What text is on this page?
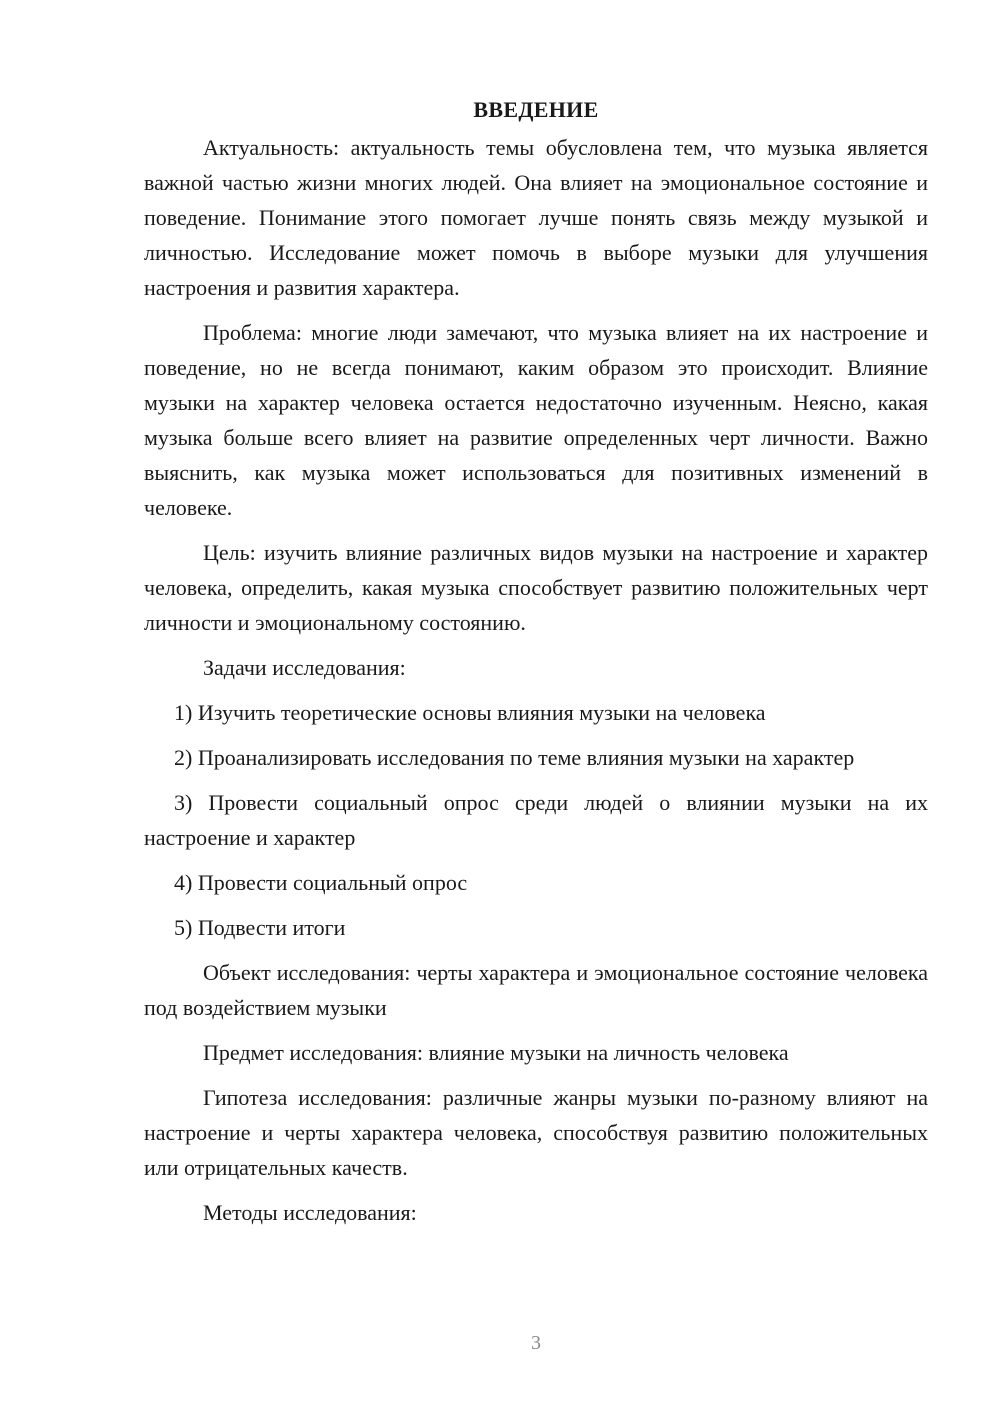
ВВЕДЕНИЕ

Актуальность: актуальность темы обусловлена тем, что музыка является важной частью жизни многих людей. Она влияет на эмоциональное состояние и поведение. Понимание этого помогает лучше понять связь между музыкой и личностью. Исследование может помочь в выборе музыки для улучшения настроения и развития характера.

Проблема: многие люди замечают, что музыка влияет на их настроение и поведение, но не всегда понимают, каким образом это происходит. Влияние музыки на характер человека остается недостаточно изученным. Неясно, какая музыка больше всего влияет на развитие определенных черт личности. Важно выяснить, как музыка может использоваться для позитивных изменений в человеке.

Цель: изучить влияние различных видов музыки на настроение и характер человека, определить, какая музыка способствует развитию положительных черт личности и эмоциональному состоянию.

Задачи исследования:

1) Изучить теоретические основы влияния музыки на человека

2) Проанализировать исследования по теме влияния музыки на характер

3) Провести социальный опрос среди людей о влиянии музыки на их настроение и характер

4) Провести социальный опрос

5) Подвести итоги

Объект исследования: черты характера и эмоциональное состояние человека под воздействием музыки

Предмет исследования: влияние музыки на личность человека

Гипотеза исследования: различные жанры музыки по-разному влияют на настроение и черты характера человека, способствуя развитию положительных или отрицательных качеств.

Методы исследования:

3
